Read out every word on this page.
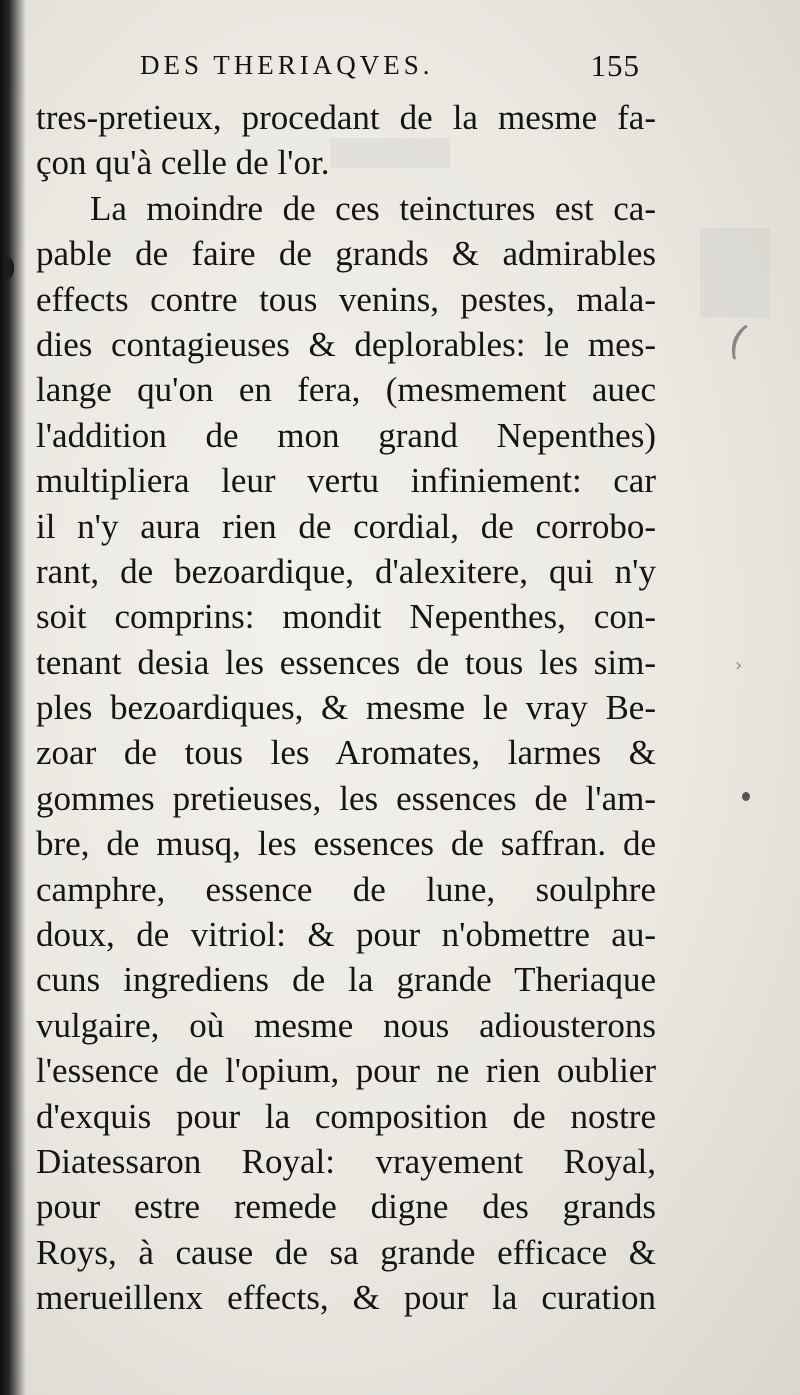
DES THERIAQVES.	155
tres-pretieux, procedant de la mesme fa-
çon qu'à celle de l'or.
La moindre de ces teinctures est ca-
pable de faire de grands & admirables
effects contre tous venins, pestes, mala-
dies contagieuses & deplorables: le mes-
lange qu'on en fera, (mesmement auec
l'addition de mon grand Nepenthes)
multipliera leur vertu infiniement: car
il n'y aura rien de cordial, de corrobo-
rant, de bezoardique, d'alexitere, qui n'y
soit comprins: mondit Nepenthes, con-
tenant desia les essences de tous les sim-
ples bezoardiques, & mesme le vray Be-
zoar de tous les Aromates, larmes &
gommes pretieuses, les essences de l'am-
bre, de musq, les essences de saffran. de
camphre, essence de lune, soulphre
doux, de vitriol: & pour n'obmettre au-
cuns ingrediens de la grande Theriaque
vulgaire, où mesme nous adiousterons
l'essence de l'opium, pour ne rien oublier
d'exquis pour la composition de nostre
Diatessaron Royal: vrayement Royal,
pour estre remede digne des grands
Roys, à cause de sa grande efficace &
merueillenx effects, & pour la curation
›
(
